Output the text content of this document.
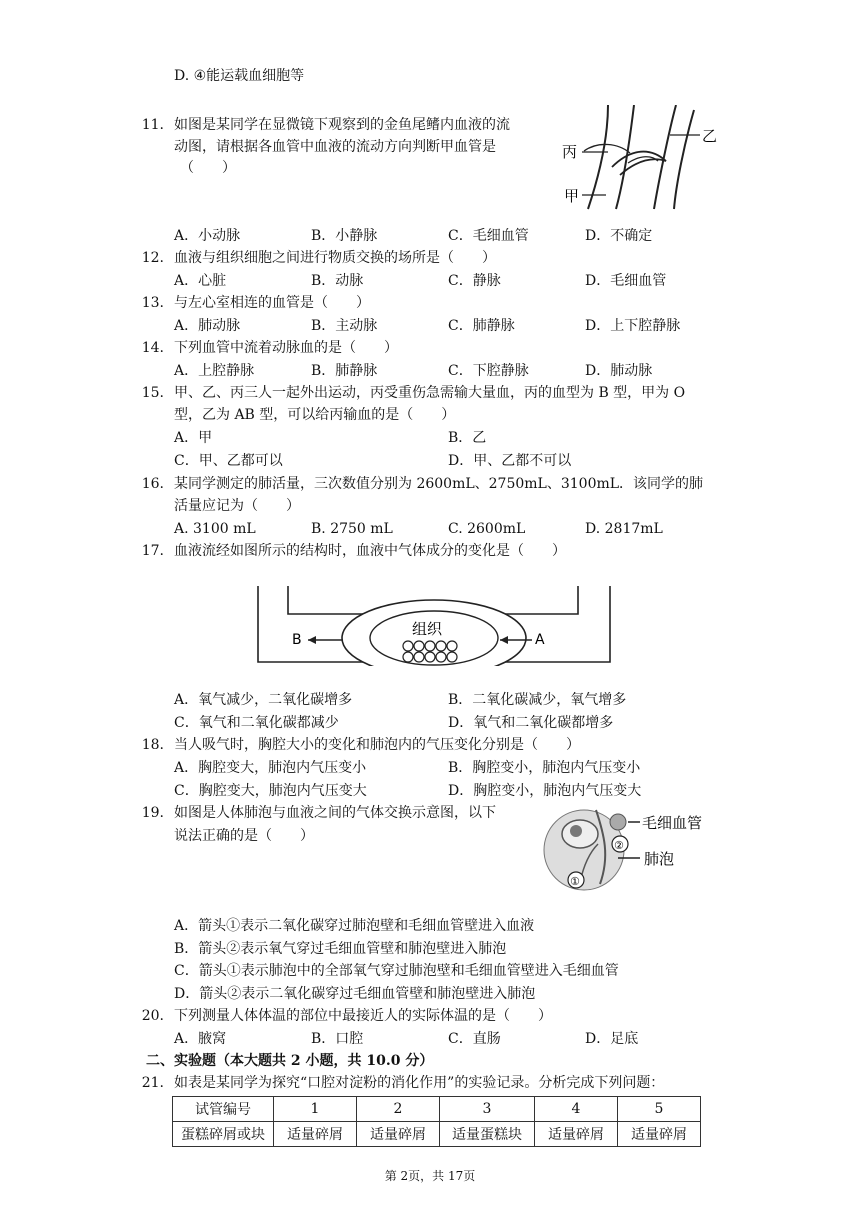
D. ④能运载血细胞等
11. 如图是某同学在显微镜下观察到的金鱼尾鳍内血液的流
动图，请根据各血管中血液的流动方向判断甲血管是
（　　）
乙
丙
甲
A．小动脉	B．小静脉	C．毛细血管	D．不确定
12. 血液与组织细胞之间进行物质交换的场所是（　　）
A．心脏	B．动脉	C．静脉	D．毛细血管
13. 与左心室相连的血管是（　　）
A．肺动脉	B．主动脉	C．肺静脉	D．上下腔静脉
14. 下列血管中流着动脉血的是（　　）
A．上腔静脉	B．肺静脉	C．下腔静脉	D．肺动脉
15. 甲、乙、丙三人一起外出运动，丙受重伤急需输大量血，丙的血型为 B 型，甲为 O
型，乙为 AB 型，可以给丙输血的是（　　）
A．甲	B．乙
C．甲、乙都可以	D．甲、乙都不可以
16. 某同学测定的肺活量，三次数值分别为 2600mL、2750mL、3100mL．该同学的肺
活量应记为（　　）
A. 3100 mL	B. 2750 mL	C. 2600mL	D. 2817mL
17. 血液流经如图所示的结构时，血液中气体成分的变化是（　　）
组织
B	A
A．氧气减少，二氧化碳增多	B．二氧化碳减少，氧气增多
C．氧气和二氧化碳都减少	D．氧气和二氧化碳都增多
18. 当人吸气时，胸腔大小的变化和肺泡内的气压变化分别是（　　）
A．胸腔变大，肺泡内气压变小	B．胸腔变小，肺泡内气压变小
C．胸腔变大，肺泡内气压变大	D．胸腔变小，肺泡内气压变大
19. 如图是人体肺泡与血液之间的气体交换示意图，以下
说法正确的是（　　）
毛细血管
肺泡
②
①
A．箭头①表示二氧化碳穿过肺泡壁和毛细血管壁进入血液
B．箭头②表示氧气穿过毛细血管壁和肺泡壁进入肺泡
C．箭头①表示肺泡中的全部氧气穿过肺泡壁和毛细血管壁进入毛细血管
D．箭头②表示二氧化碳穿过毛细血管壁和肺泡壁进入肺泡
20. 下列测量人体体温的部位中最接近人的实际体温的是（　　）
A．腋窝	B．口腔	C．直肠	D．足底
二、实验题（本大题共 2 小题，共 10.0 分）
21. 如表是某同学为探究“口腔对淀粉的消化作用”的实验记录。分析完成下列问题：
试管编号	1	2	3	4	5
蛋糕碎屑或块	适量碎屑	适量碎屑	适量蛋糕块	适量碎屑	适量碎屑
第 2页，共 17页
